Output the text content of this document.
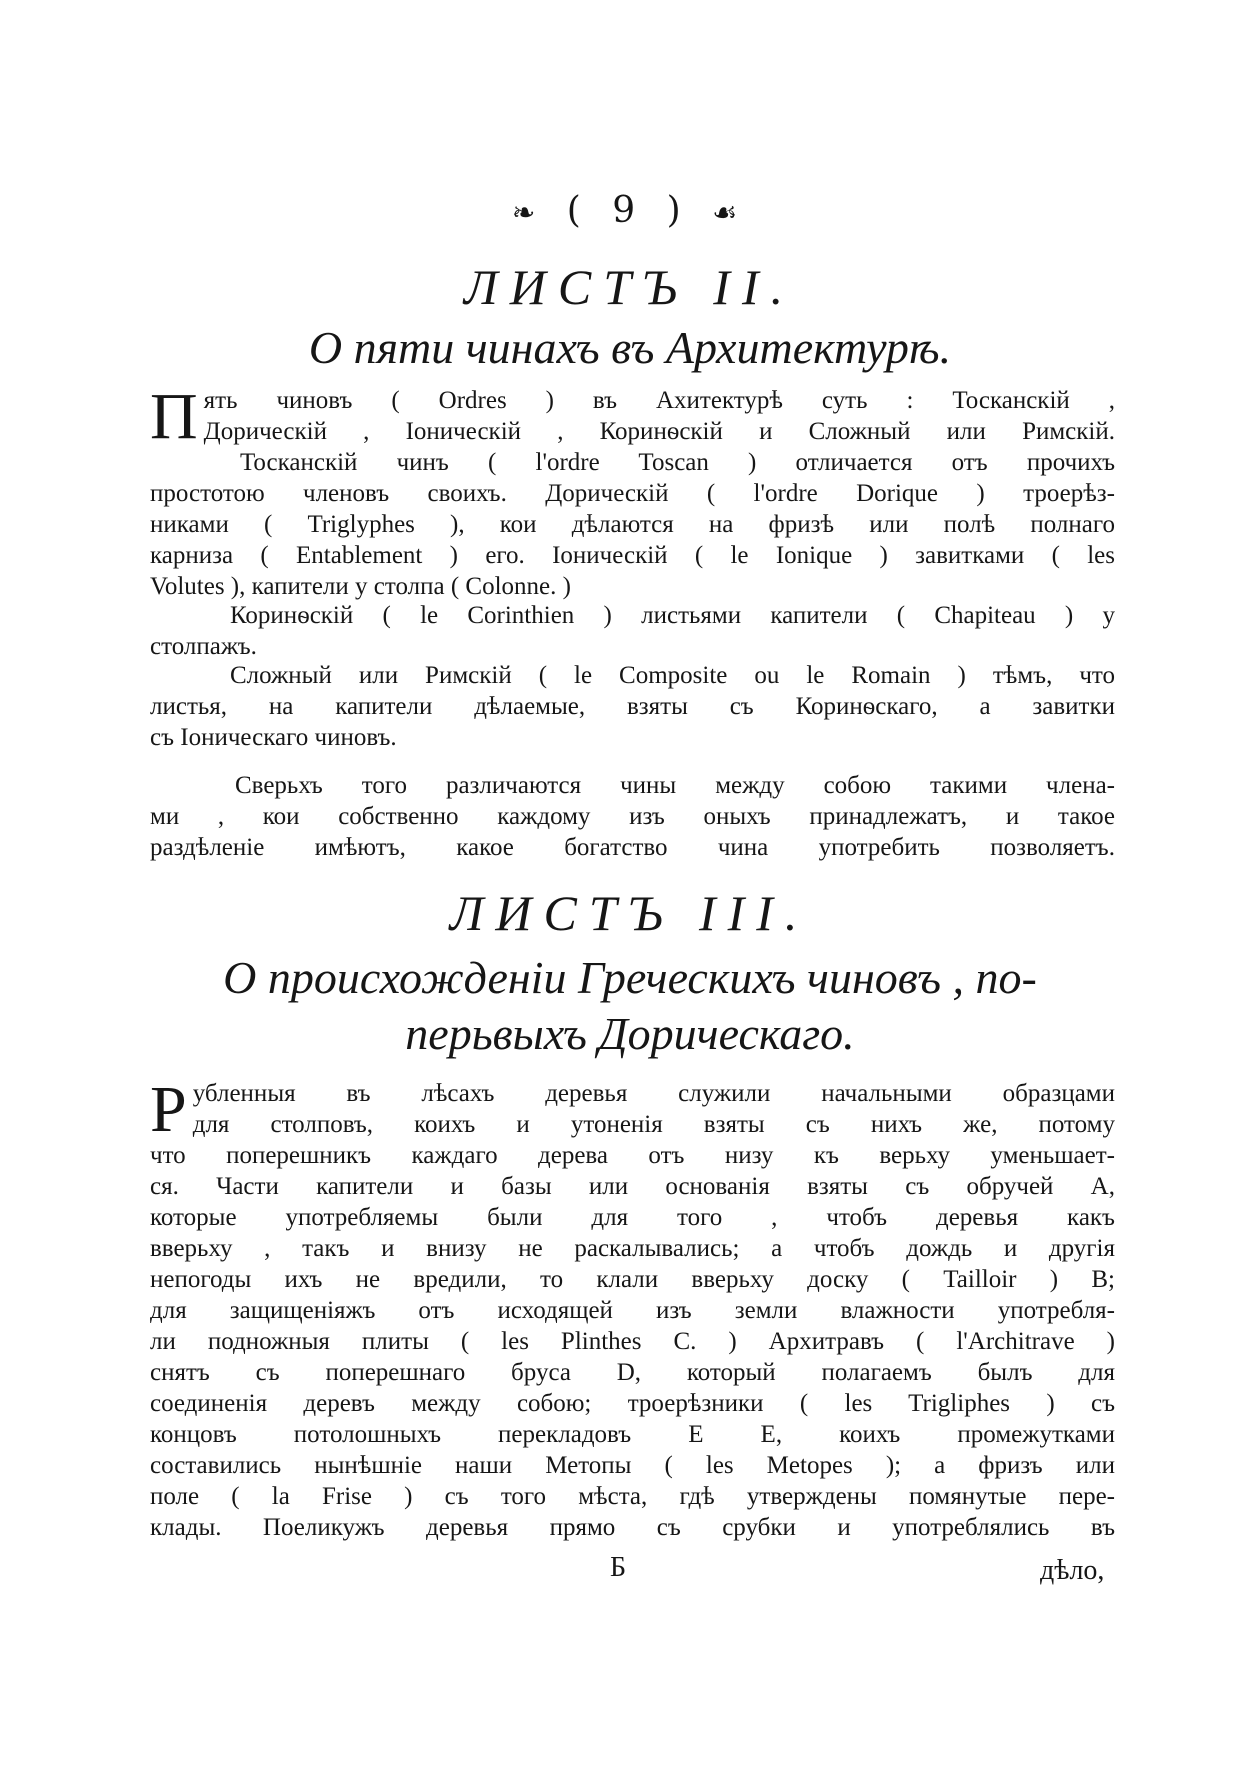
❧ ( 9 ) ☙
ЛИСТЪ II.
О пяти чинахъ въ Архитектурѣ.
П ять чиновъ ( Ordres ) въ Ахитектурѣ суть : Тосканскій ,
Дорическій , Іоническій , Коринѳскій и Сложный или Римскій.
Тосканскій чинъ ( l'ordre Toscan ) отличается отъ прочихъ
простотою членовъ своихъ. Дорическій ( l'ordre Dorique ) троерѣз-
никами ( Triglyphes ), кои дѣлаются на фризѣ или полѣ полнаго
карниза ( Entablement ) его. Іоническій ( le Ionique ) завитками ( les
Volutes ), капители у столпа ( Colonne. )
Коринѳскій ( le Corinthien ) листьями капители ( Chapiteau ) у
столпажъ.
Сложный или Римскій ( le Composite ou le Romain ) тѣмъ, что
листья, на капители дѣлаемые, взяты съ Коринѳскаго, а завитки
съ Іоническаго чиновъ.
Сверьхъ того различаются чины между собою такими члена-
ми , кои собственно каждому изъ оныхъ принадлежатъ, и такое
раздѣленіе имѣютъ, какое богатство чина употребить позволяетъ.
ЛИСТЪ III.
О происхожденіи Греческихъ чиновъ , по-
перьвыхъ Дорическаго.
Р убленныя въ лѣсахъ деревья служили начальными образцами
для столповъ, коихъ и утоненія взяты съ нихъ же, потому
что поперешникъ каждаго дерева отъ низу къ верьху уменьшает-
ся. Части капители и базы или основанія взяты съ обручей А,
которые употребляемы были для того , чтобъ деревья какъ
вверьху , такъ и внизу не раскалывались; а чтобъ дождь и другія
непогоды ихъ не вредили, то клали вверьху доску ( Tailloir ) В;
для защищеніяжъ отъ исходящей изъ земли влажности употребля-
ли подножныя плиты ( les Plinthes C. ) Архитравъ ( l'Architrave )
снятъ съ поперешнаго бруса D, который полагаемъ былъ для
соединенія деревъ между собою; троерѣзники ( les Trigliphes ) съ
концовъ потолошныхъ перекладовъ Е Е, коихъ промежутками
составились нынѣшніе наши Метопы ( les Metopes ); а фризъ или
поле ( la Frise ) съ того мѣста, гдѣ утверждены помянутые пере-
клады. Поеликужъ деревья прямо съ срубки и употреблялись въ
Б	дѣло,
